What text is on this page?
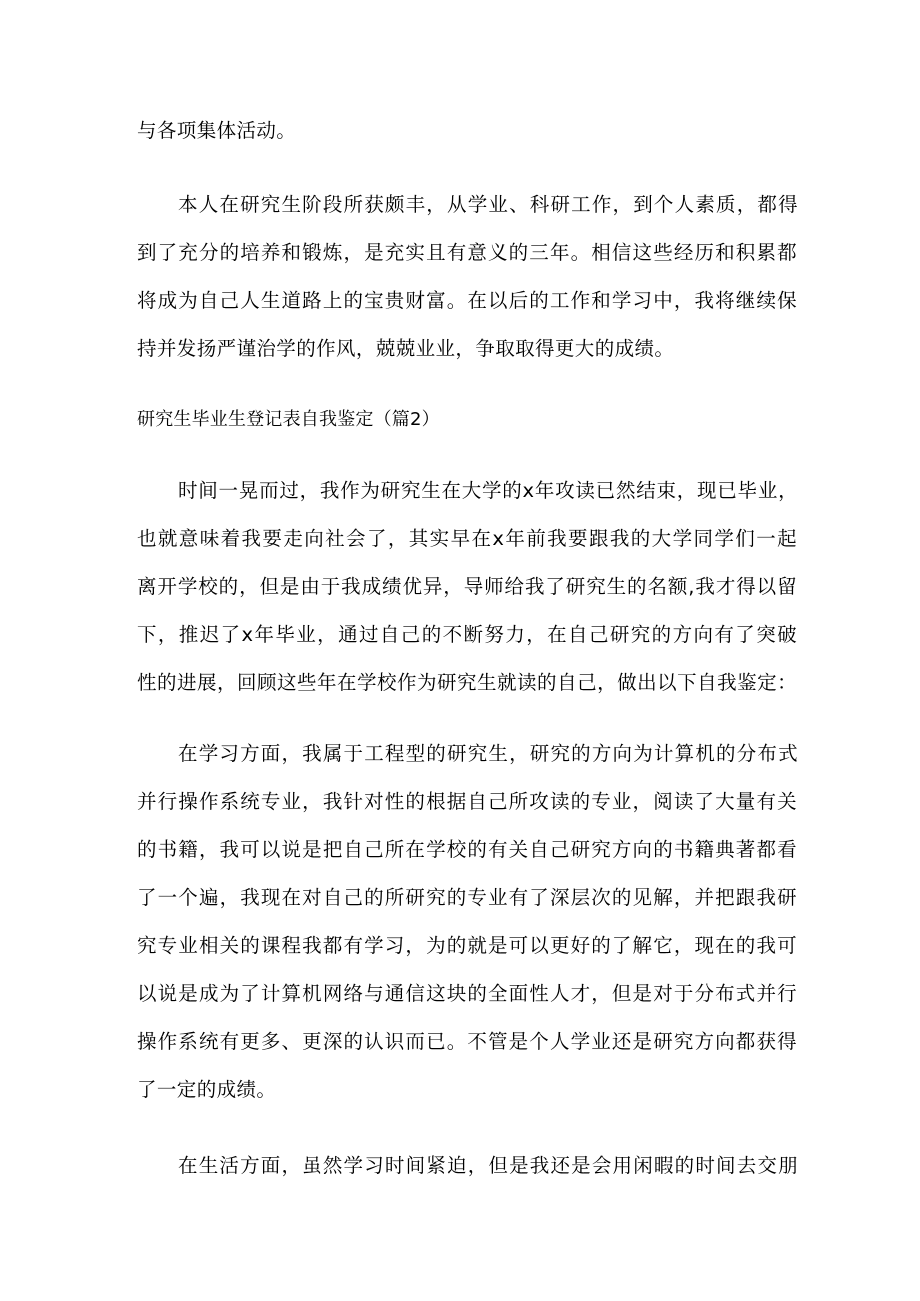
与各项集体活动。
本人在研究生阶段所获颇丰，从学业、科研工作，到个人素质，都得
到了充分的培养和锻炼，是充实且有意义的三年。相信这些经历和积累都
将成为自己人生道路上的宝贵财富。在以后的工作和学习中，我将继续保
持并发扬严谨治学的作风，兢兢业业，争取取得更大的成绩。
研究生毕业生登记表自我鉴定（篇2）
时间一晃而过，我作为研究生在大学的x年攻读已然结束，现已毕业，
也就意味着我要走向社会了，其实早在x年前我要跟我的大学同学们一起
离开学校的，但是由于我成绩优异，导师给我了研究生的名额,我才得以留
下，推迟了x年毕业，通过自己的不断努力，在自己研究的方向有了突破
性的进展，回顾这些年在学校作为研究生就读的自己，做出以下自我鉴定：
在学习方面，我属于工程型的研究生，研究的方向为计算机的分布式
并行操作系统专业，我针对性的根据自己所攻读的专业，阅读了大量有关
的书籍，我可以说是把自己所在学校的有关自己研究方向的书籍典著都看
了一个遍，我现在对自己的所研究的专业有了深层次的见解，并把跟我研
究专业相关的课程我都有学习，为的就是可以更好的了解它，现在的我可
以说是成为了计算机网络与通信这块的全面性人才，但是对于分布式并行
操作系统有更多、更深的认识而已。不管是个人学业还是研究方向都获得
了一定的成绩。
在生活方面，虽然学习时间紧迫，但是我还是会用闲暇的时间去交朋
